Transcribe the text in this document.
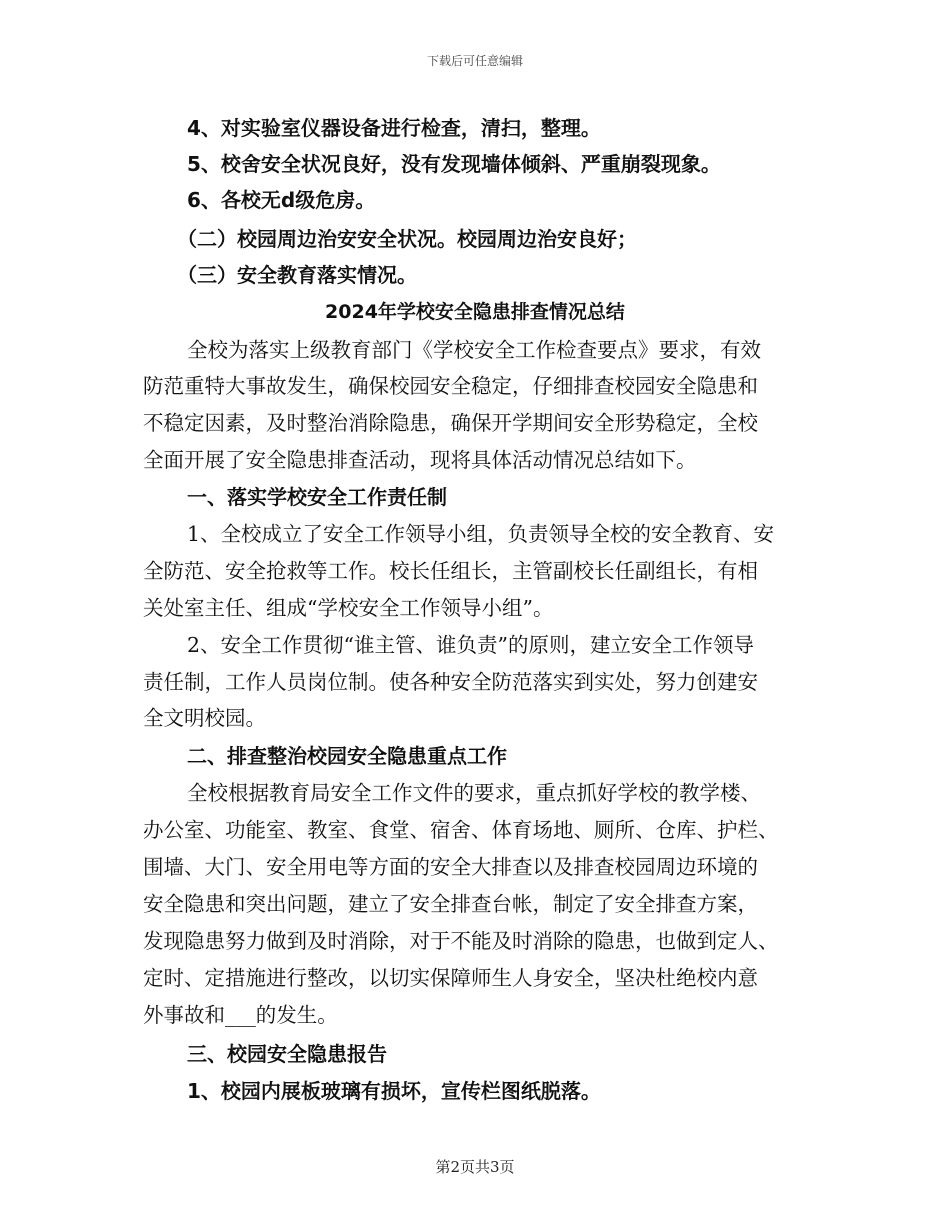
下载后可任意编辑
4、对实验室仪器设备进行检查，清扫，整理。
5、校舍安全状况良好，没有发现墙体倾斜、严重崩裂现象。
6、各校无d级危房。
（二）校园周边治安安全状况。校园周边治安良好；
（三）安全教育落实情况。
2024年学校安全隐患排查情况总结
全校为落实上级教育部门《学校安全工作检查要点》要求，有效
防范重特大事故发生，确保校园安全稳定，仔细排查校园安全隐患和
不稳定因素，及时整治消除隐患，确保开学期间安全形势稳定，全校
全面开展了安全隐患排查活动，现将具体活动情况总结如下。
一、落实学校安全工作责任制
1、全校成立了安全工作领导小组，负责领导全校的安全教育、安
全防范、安全抢救等工作。校长任组长，主管副校长任副组长，有相
关处室主任、组成“学校安全工作领导小组”。
2、安全工作贯彻“谁主管、谁负责”的原则，建立安全工作领导
责任制，工作人员岗位制。使各种安全防范落实到实处，努力创建安
全文明校园。
二、排查整治校园安全隐患重点工作
全校根据教育局安全工作文件的要求，重点抓好学校的教学楼、
办公室、功能室、教室、食堂、宿舍、体育场地、厕所、仓库、护栏、
围墙、大门、安全用电等方面的安全大排查以及排查校园周边环境的
安全隐患和突出问题，建立了安全排查台帐，制定了安全排查方案，
发现隐患努力做到及时消除，对于不能及时消除的隐患，也做到定人、
定时、定措施进行整改，以切实保障师生人身安全，坚决杜绝校内意
外事故和___的发生。
三、校园安全隐患报告
1、校园内展板玻璃有损坏，宣传栏图纸脱落。
第2页共3页
